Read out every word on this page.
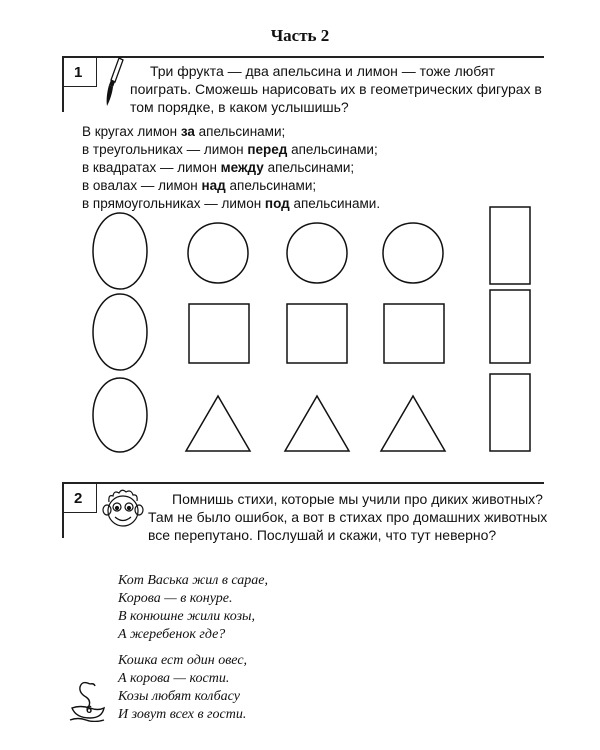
Часть 2
1	Три фрукта — два апельсина и лимон — тоже любят поиграть. Сможешь нарисовать их в геометрических фигурах в том порядке, в каком услышишь?
В кругах лимон за апельсинами;
в треугольниках — лимон перед апельсинами;
в квадратах — лимон между апельсинами;
в овалах — лимон над апельсинами;
в прямоугольниках — лимон под апельсинами.
2	Помнишь стихи, которые мы учили про диких животных? Там не было ошибок, а вот в стихах про домашних животных все перепутано. Послушай и скажи, что тут неверно?
Кот Васька жил в сарае,
Корова — в конуре.
В конюшне жили козы,
А жеребенок где?
Кошка ест один овес,
А корова — кости.
Козы любят колбасу
И зовут всех в гости.
6
